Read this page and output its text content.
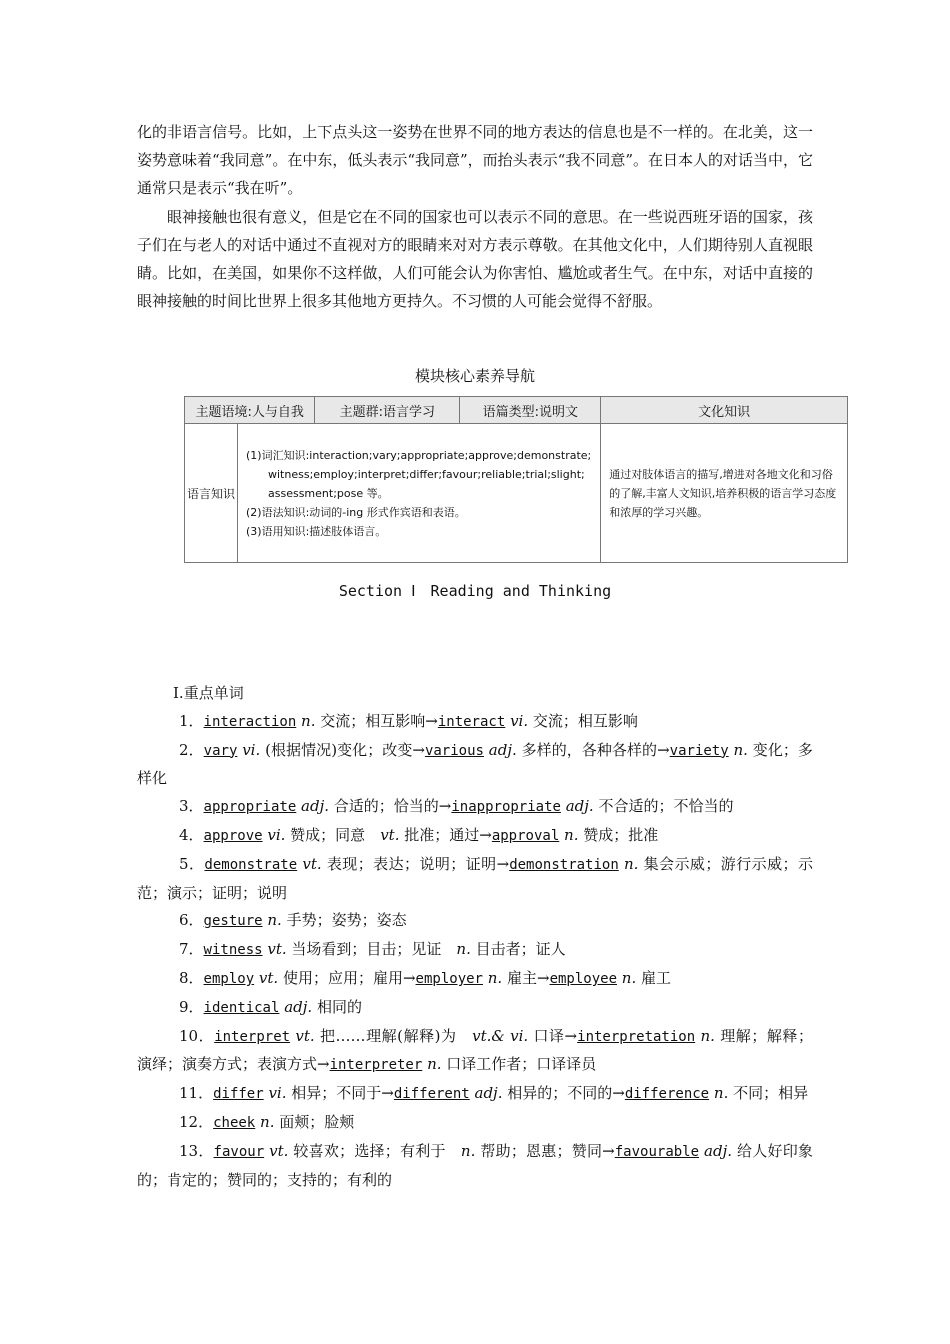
化的非语言信号。比如，上下点头这一姿势在世界不同的地方表达的信息也是不一样的。在北美，这一姿势意味着“我同意”。在中东，低头表示“我同意”，而抬头表示“我不同意”。在日本人的对话当中，它通常只是表示“我在听”。

眼神接触也很有意义，但是它在不同的国家也可以表示不同的意思。在一些说西班牙语的国家，孩子们在与老人的对话中通过不直视对方的眼睛来对对方表示尊敬。在其他文化中，人们期待别人直视眼睛。比如，在美国，如果你不这样做，人们可能会认为你害怕、尴尬或者生气。在中东，对话中直接的眼神接触的时间比世界上很多其他地方更持久。不习惯的人可能会觉得不舒服。

模块核心素养导航
主题语境:人与自我		主题群:语言学习	语篇类型:说明文	文化知识
语言知识	(1)词汇知识:interaction;vary;appropriate;approve;demonstrate;
witness;employ;interpret;differ;favour;reliable;trial;slight;
assessment;pose 等。
(2)语法知识:动词的-ing 形式作宾语和表语。
(3)语用知识:描述肢体语言。			通过对肢体语言的描写,增进对各地文化和习俗的了解,丰富人文知识,培养积极的语言学习态度和浓厚的学习兴趣。
Section Ⅰ　Reading and Thinking
Ⅰ.重点单词
1．interaction n. 交流；相互影响→interact vi. 交流；相互影响
2．vary vi. (根据情况)变化；改变→various adj. 多样的，各种各样的→variety n. 变化；多样化
3．appropriate adj. 合适的；恰当的→inappropriate adj. 不合适的；不恰当的
4．approve vi. 赞成；同意　vt. 批准；通过→approval n. 赞成；批准
5．demonstrate vt. 表现；表达；说明；证明→demonstration n. 集会示威；游行示威；示范；演示；证明；说明
6．gesture n. 手势；姿势；姿态
7．witness vt. 当场看到；目击；见证　n. 目击者；证人
8．employ vt. 使用；应用；雇用→employer n. 雇主→employee n. 雇工
9．identical adj. 相同的
10．interpret vt. 把……理解(解释)为　vt.& vi. 口译→interpretation n. 理解；解释；演绎；演奏方式；表演方式→interpreter n. 口译工作者；口译译员
11．differ vi. 相异；不同于→different adj. 相异的；不同的→difference n. 不同；相异
12．cheek n. 面颊；脸颊
13．favour vt. 较喜欢；选择；有利于　n. 帮助；恩惠；赞同→favourable adj. 给人好印象的；肯定的；赞同的；支持的；有利的
